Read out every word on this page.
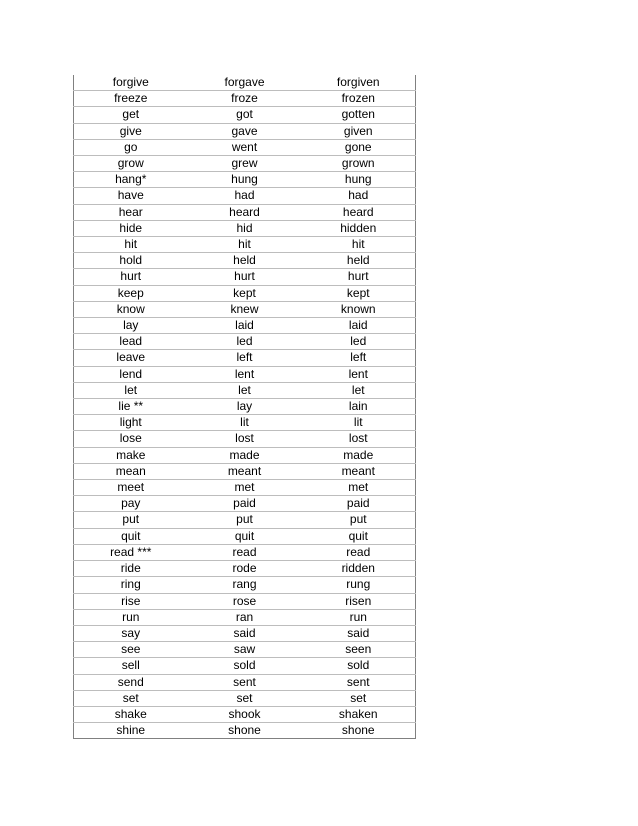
forgive	forgave	forgiven
freeze	froze	frozen
get	got	gotten
give	gave	given
go	went	gone
grow	grew	grown
hang*	hung	hung
have	had	had
hear	heard	heard
hide	hid	hidden
hit	hit	hit
hold	held	held
hurt	hurt	hurt
keep	kept	kept
know	knew	known
lay	laid	laid
lead	led	led
leave	left	left
lend	lent	lent
let	let	let
lie **	lay	lain
light	lit	lit
lose	lost	lost
make	made	made
mean	meant	meant
meet	met	met
pay	paid	paid
put	put	put
quit	quit	quit
read ***	read	read
ride	rode	ridden
ring	rang	rung
rise	rose	risen
run	ran	run
say	said	said
see	saw	seen
sell	sold	sold
send	sent	sent
set	set	set
shake	shook	shaken
shine	shone	shone
